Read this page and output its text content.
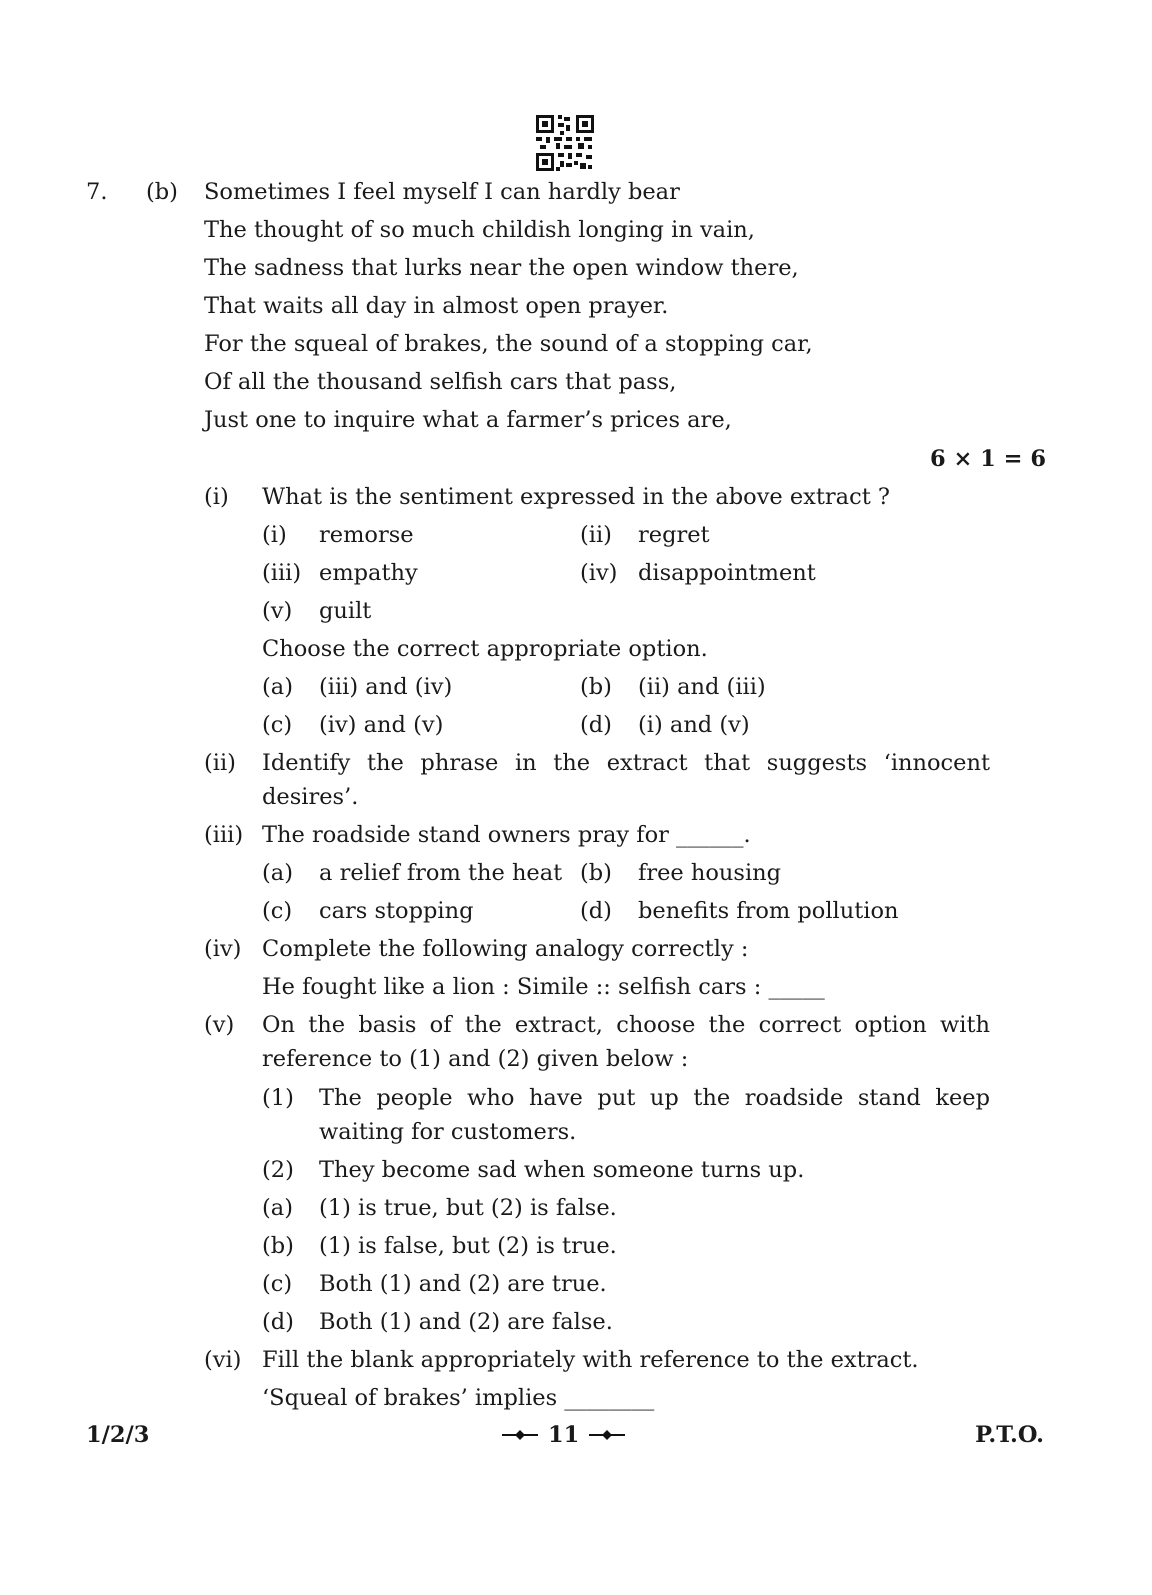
7. (b) Sometimes I feel myself I can hardly bear
The thought of so much childish longing in vain,
The sadness that lurks near the open window there,
That waits all day in almost open prayer.
For the squeal of brakes, the sound of a stopping car,
Of all the thousand selfish cars that pass,
Just one to inquire what a farmer’s prices are,
6 × 1 = 6
(i) What is the sentiment expressed in the above extract ?
(i) remorse	(ii) regret
(iii) empathy	(iv) disappointment
(v) guilt
Choose the correct appropriate option.
(a) (iii) and (iv)	(b) (ii) and (iii)
(c) (iv) and (v)	(d) (i) and (v)
(ii) Identify the phrase in the extract that suggests ‘innocent
desires’.
(iii) The roadside stand owners pray for ______.
(a) a relief from the heat (b) free housing
(c) cars stopping	(d) benefits from pollution
(iv) Complete the following analogy correctly :
He fought like a lion : Simile :: selfish cars : _____
(v) On the basis of the extract, choose the correct option with
reference to (1) and (2) given below :
(1) The people who have put up the roadside stand keep
waiting for customers.
(2) They become sad when someone turns up.
(a) (1) is true, but (2) is false.
(b) (1) is false, but (2) is true.
(c) Both (1) and (2) are true.
(d) Both (1) and (2) are false.
(vi) Fill the blank appropriately with reference to the extract.
‘Squeal of brakes’ implies ________
1/2/3	11	P.T.O.
